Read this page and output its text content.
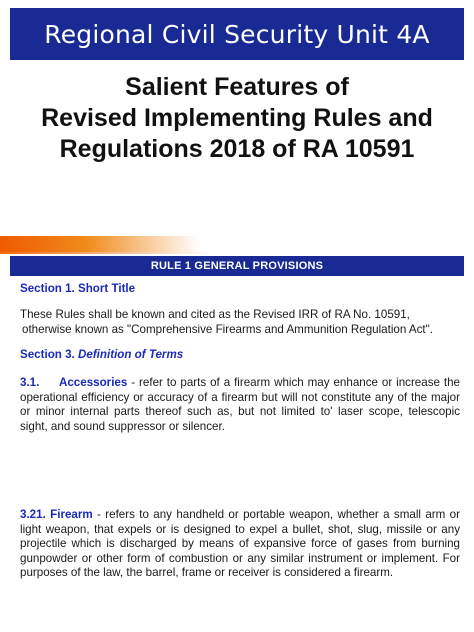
Regional Civil Security Unit 4A
Salient Features of
Revised Implementing Rules and
Regulations 2018 of RA 10591
RULE 1 GENERAL PROVISIONS

Section 1. Short Title

These Rules shall be known and cited as the Revised IRR of RA No. 10591,

otherwise known as "Comprehensive Firearms and Ammunition Regulation Act".

Section 3. Definition of Terms

3.1. Accessories - refer to parts of a firearm which may enhance or increase the operational efficiency or accuracy of a firearm but will not constitute any of the major or minor internal parts thereof such as, but not limited to' laser scope, telescopic sight, and sound suppressor or silencer.

3.21. Firearm - refers to any handheld or portable weapon, whether a small arm or light weapon, that expels or is designed to expel a bullet, shot, slug, missile or any projectile which is discharged by means of expansive force of gases from burning gunpowder or other form of combustion or any similar instrument or implement. For purposes of the law, the barrel, frame or receiver is considered a firearm.
